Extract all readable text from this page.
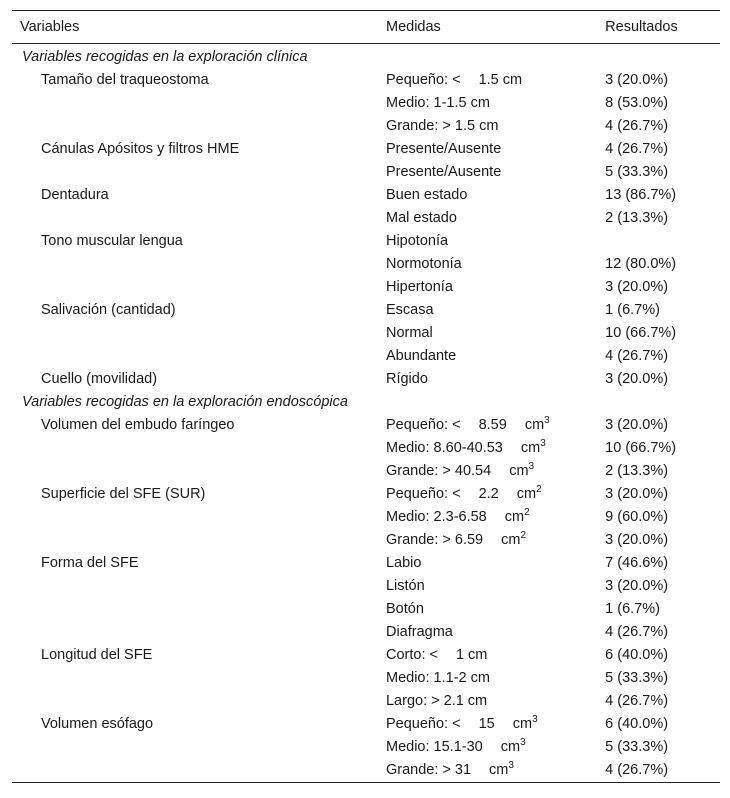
Variables	Medidas	Resultados
Variables recogidas en la exploración clínica		
Tamaño del traqueostoma	Pequeño: < 1.5 cm	3 (20.0%)
	Medio: 1-1.5 cm	8 (53.0%)
	Grande: > 1.5 cm	4 (26.7%)
Cánulas Apósitos y filtros HME	Presente/Ausente	4 (26.7%)
	Presente/Ausente	5 (33.3%)
Dentadura	Buen estado	13 (86.7%)
	Mal estado	2 (13.3%)
Tono muscular lengua	Hipotonía	
	Normotonía	12 (80.0%)
	Hipertonía	3 (20.0%)
Salivación (cantidad)	Escasa	1 (6.7%)
	Normal	10 (66.7%)
	Abundante	4 (26.7%)
Cuello (movilidad)	Rígido	3 (20.0%)
Variables recogidas en la exploración endoscópica		
Volumen del embudo faríngeo	Pequeño: < 8.59 $cm^3$	3 (20.0%)
	Medio: 8.60-40.53 $cm^3$	10 (66.7%)
	Grande: > 40.54 $cm^3$	2 (13.3%)
Superficie del SFE (SUR)	Pequeño: < 2.2 $cm^2$	3 (20.0%)
	Medio: 2.3-6.58 $cm^2$	9 (60.0%)
	Grande: > 6.59 $cm^2$	3 (20.0%)
Forma del SFE	Labio	7 (46.6%)
	Listón	3 (20.0%)
	Botón	1 (6.7%)
	Diafragma	4 (26.7%)
Longitud del SFE	Corto: < 1 cm	6 (40.0%)
	Medio: 1.1-2 cm	5 (33.3%)
	Largo: > 2.1 cm	4 (26.7%)
Volumen esófago	Pequeño: < 15 $cm^3$	6 (40.0%)
	Medio: 15.1-30 $cm^3$	5 (33.3%)
	Grande: > 31 $cm^3$	4 (26.7%)
